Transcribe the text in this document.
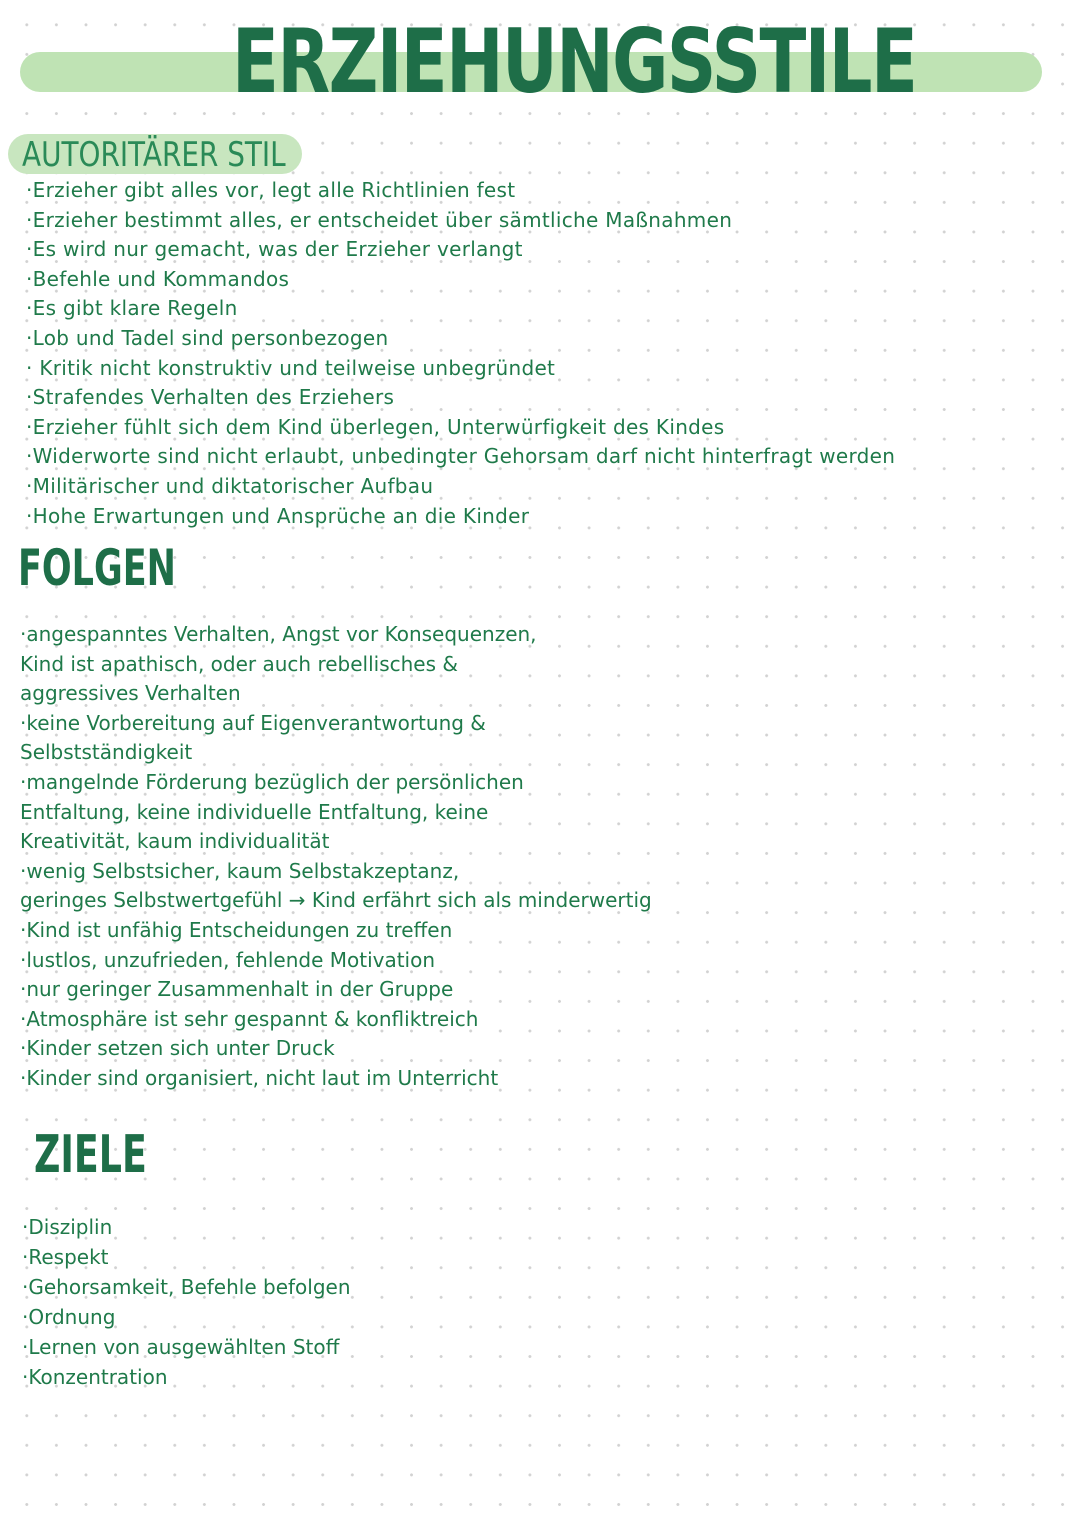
ERZIEHUNGSSTILE
AUTORITÄRER STIL
·Erzieher gibt alles vor, legt alle Richtlinien fest
·Erzieher bestimmt alles, er entscheidet über sämtliche Maßnahmen
·Es wird nur gemacht, was der Erzieher verlangt
·Befehle und Kommandos
·Es gibt klare Regeln
·Lob und Tadel sind personbezogen
· Kritik nicht konstruktiv und teilweise unbegründet
·Strafendes Verhalten des Erziehers
·Erzieher fühlt sich dem Kind überlegen, Unterwürfigkeit des Kindes
·Widerworte sind nicht erlaubt, unbedingter Gehorsam darf nicht hinterfragt werden
·Militärischer und diktatorischer Aufbau
·Hohe Erwartungen und Ansprüche an die Kinder
FOLGEN
·angespanntes Verhalten, Angst vor Konsequenzen,
Kind ist apathisch, oder auch rebellisches &
aggressives Verhalten
·keine Vorbereitung auf Eigenverantwortung &
Selbstständigkeit
·mangelnde Förderung bezüglich der persönlichen
Entfaltung, keine individuelle Entfaltung, keine
Kreativität, kaum individualität
·wenig Selbstsicher, kaum Selbstakzeptanz,
geringes Selbstwertgefühl → Kind erfährt sich als minderwertig
·Kind ist unfähig Entscheidungen zu treffen
·lustlos, unzufrieden, fehlende Motivation
·nur geringer Zusammenhalt in der Gruppe
·Atmosphäre ist sehr gespannt & konfliktreich
·Kinder setzen sich unter Druck
·Kinder sind organisiert, nicht laut im Unterricht
ZIELE
·Disziplin
·Respekt
·Gehorsamkeit, Befehle befolgen
·Ordnung
·Lernen von ausgewählten Stoff
·Konzentration
